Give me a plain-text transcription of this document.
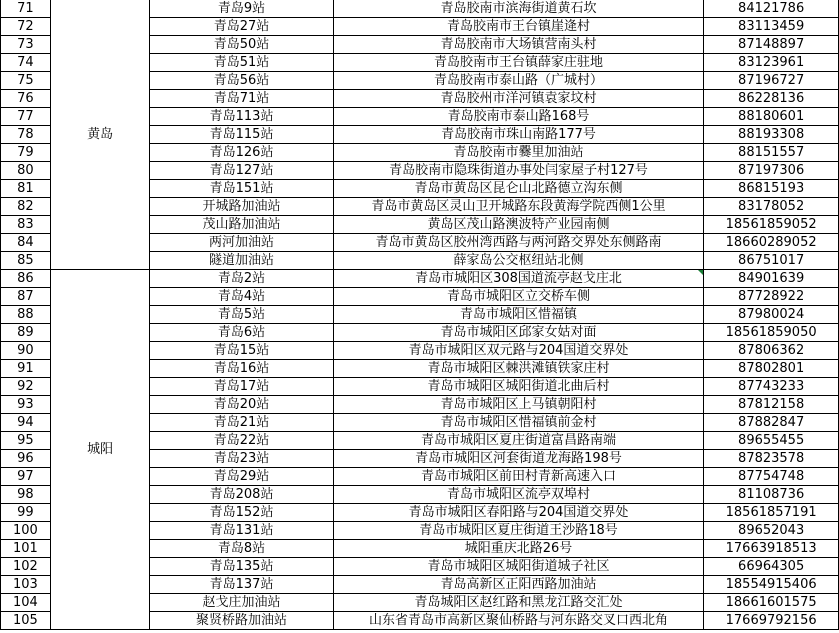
71	黄岛	青岛9站	青岛胶南市滨海街道黄石坎	84121786
72		青岛27站	青岛胶南市王台镇崖逄村	83113459
73		青岛50站	青岛胶南市大场镇营南头村	87148897
74		青岛51站	青岛胶南市王台镇薛家庄驻地	83123961
75		青岛56站	青岛胶南市泰山路（广城村）	87196727
76		青岛71站	青岛胶州市洋河镇袁家坟村	86228136
77		青岛113站	青岛胶南市泰山路168号	88180601
78		青岛115站	青岛胶南市珠山南路177号	88193308
79		青岛126站	青岛胶南市爨里加油站	88151557
80		青岛127站	青岛胶南市隐珠街道办事处闫家屋子村127号	87197306
81		青岛151站	青岛市黄岛区昆仑山北路德立沟东侧	86815193
82		开城路加油站	青岛市黄岛区灵山卫开城路东段黄海学院西侧1公里	83178052
83		茂山路加油站	黄岛区茂山路澳波特产业园南侧	18561859052
84		两河加油站	青岛市黄岛区胶州湾西路与两河路交界处东侧路南	18660289052
85		隧道加油站	薛家岛公交枢纽站北侧	86751017
86	城阳	青岛2站	青岛市城阳区308国道流亭赵戈庄北	84901639
87		青岛4站	青岛市城阳区立交桥车侧	87728922
88		青岛5站	青岛市城阳区惜福镇	87980024
89		青岛6站	青岛市城阳区邱家女姑对面	18561859050
90		青岛15站	青岛市城阳区双元路与204国道交界处	87806362
91		青岛16站	青岛市城阳区棘洪滩镇铁家庄村	87802801
92		青岛17站	青岛市城阳区城阳街道北曲后村	87743233
93		青岛20站	青岛市城阳区上马镇朝阳村	87812158
94		青岛21站	青岛市城阳区惜福镇前金村	87882847
95		青岛22站	青岛市城阳区夏庄街道富昌路南端	89655455
96		青岛23站	青岛市城阳区河套街道龙海路198号	87823578
97		青岛29站	青岛市城阳区前田村青新高速入口	87754748
98		青岛208站	青岛市城阳区流亭双埠村	81108736
99		青岛152站	青岛市城阳区春阳路与204国道交界处	18561857191
100		青岛131站	青岛市城阳区夏庄街道王沙路18号	89652043
101		青岛8站	城阳重庆北路26号	17663918513
102		青岛135站	青岛市城阳区城阳街道城子社区	66964305
103		青岛137站	青岛高新区正阳西路加油站	18554915406
104		赵戈庄加油站	青岛城阳区赵红路和黑龙江路交汇处	18661601575
105		聚贤桥路加油站	山东省青岛市高新区聚仙桥路与河东路交叉口西北角	17669792156
